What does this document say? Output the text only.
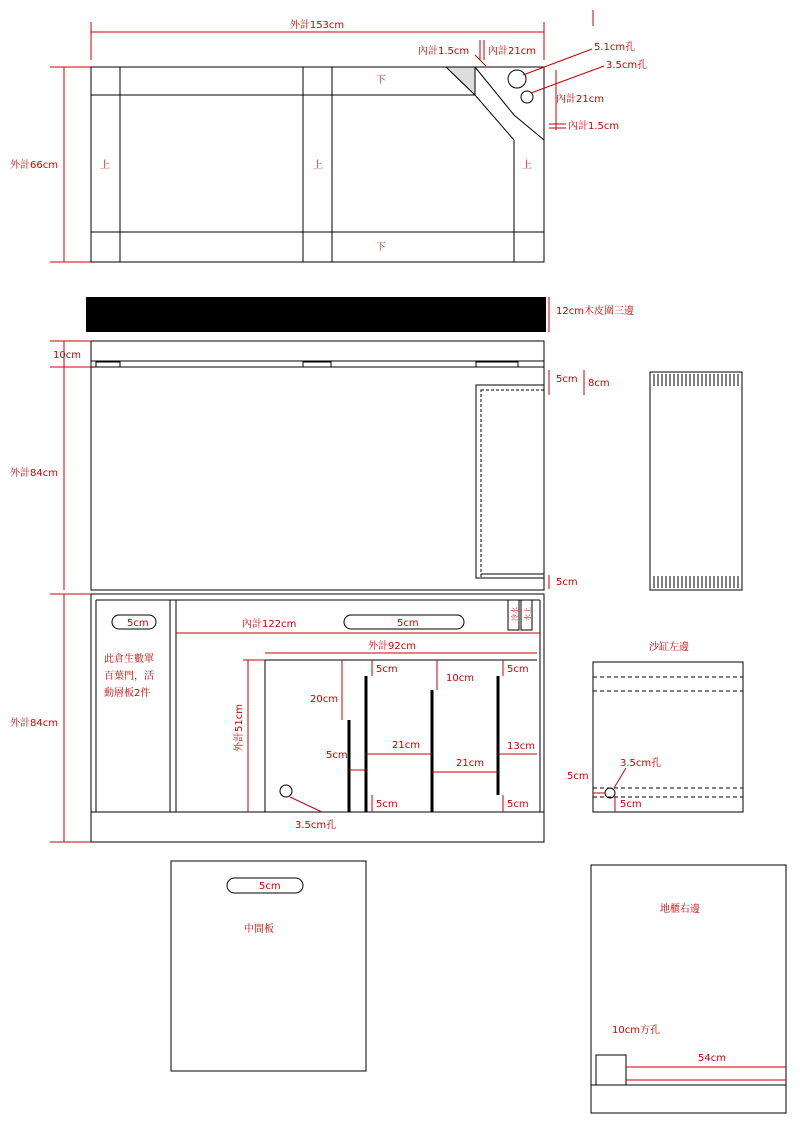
外計153cm
外計66cm
內計1.5cm 內計21cm	5.1cm孔
3.5cm孔
內計21cm
內計1.5cm
下
下
上	上	上
12cm木皮圍三邊
10cm
外計84cm
5cm 8cm
5cm
外計84cm
5cm
此倉生數單
百葉門，活
動層板2件
內計122cm	5cm
冷水 水上
外計92cm
外計51cm
5cm
10cm
5cm
20cm
5cm
21cm
21cm
13cm
5cm	5cm
3.5cm孔
沙缸左邊
5cm
3.5cm孔
5cm
5cm
中間板
地櫃右邊
10cm方孔
54cm
